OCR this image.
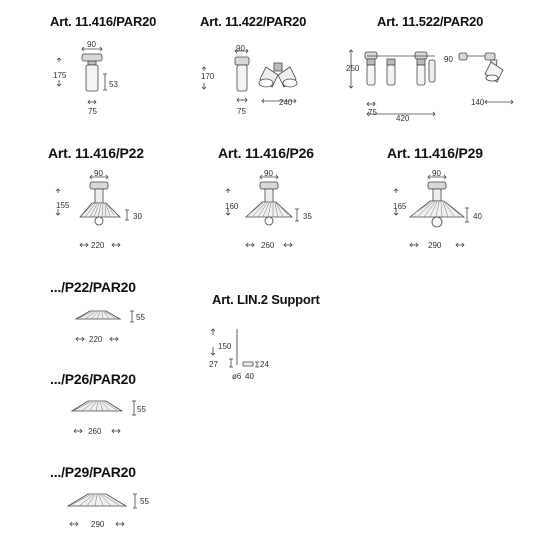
Art. 11.416/PAR20	Art. 11.422/PAR20	Art. 11.522/PAR20
Art. 11.416/P22	Art. 11.416/P26	Art. 11.416/P29
.../P22/PAR20
Art. LIN.2 Support
.../P26/PAR20
.../P29/PAR20
90
175
53
75
90
170
75
240
250
90
75
420
140
90
155
30
220
90
160
35
260
90
165
40
290
55
220
150
27	24
ø6 40
55
260
55
290
